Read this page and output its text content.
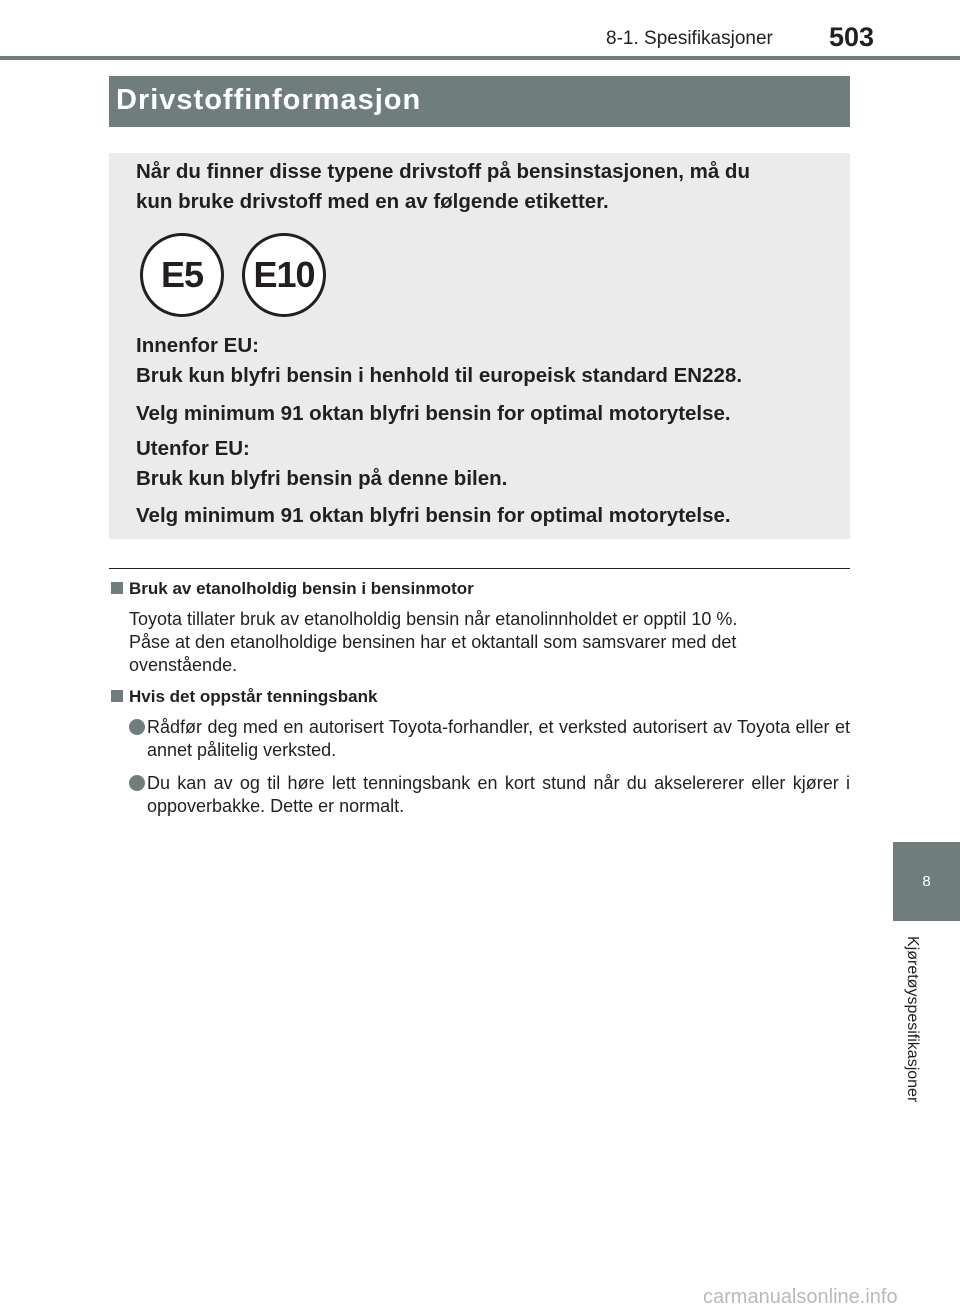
8-1. Spesifikasjoner 503
Drivstoffinformasjon

Når du finner disse typene drivstoff på bensinstasjonen, må du

kun bruke drivstoff med en av følgende etiketter.

E5	E10

Innenfor EU:

Bruk kun blyfri bensin i henhold til europeisk standard EN228.

Velg minimum 91 oktan blyfri bensin for optimal motorytelse.

Utenfor EU:

Bruk kun blyfri bensin på denne bilen.

Velg minimum 91 oktan blyfri bensin for optimal motorytelse.

Bruk av etanolholdig bensin i bensinmotor

Toyota tillater bruk av etanolholdig bensin når etanolinnholdet er opptil 10 %.

Påse at den etanolholdige bensinen har et oktantall som samsvarer med det

ovenstående.

Hvis det oppstår tenningsbank

Rådfør deg med en autorisert Toyota-forhandler, et verksted autorisert av Toyota eller et annet pålitelig verksted.

Du kan av og til høre lett tenningsbank en kort stund når du akselererer eller kjører i oppoverbakke. Dette er normalt.

8
Kjøretøyspesifikasjoner
carmanualsonline.info
